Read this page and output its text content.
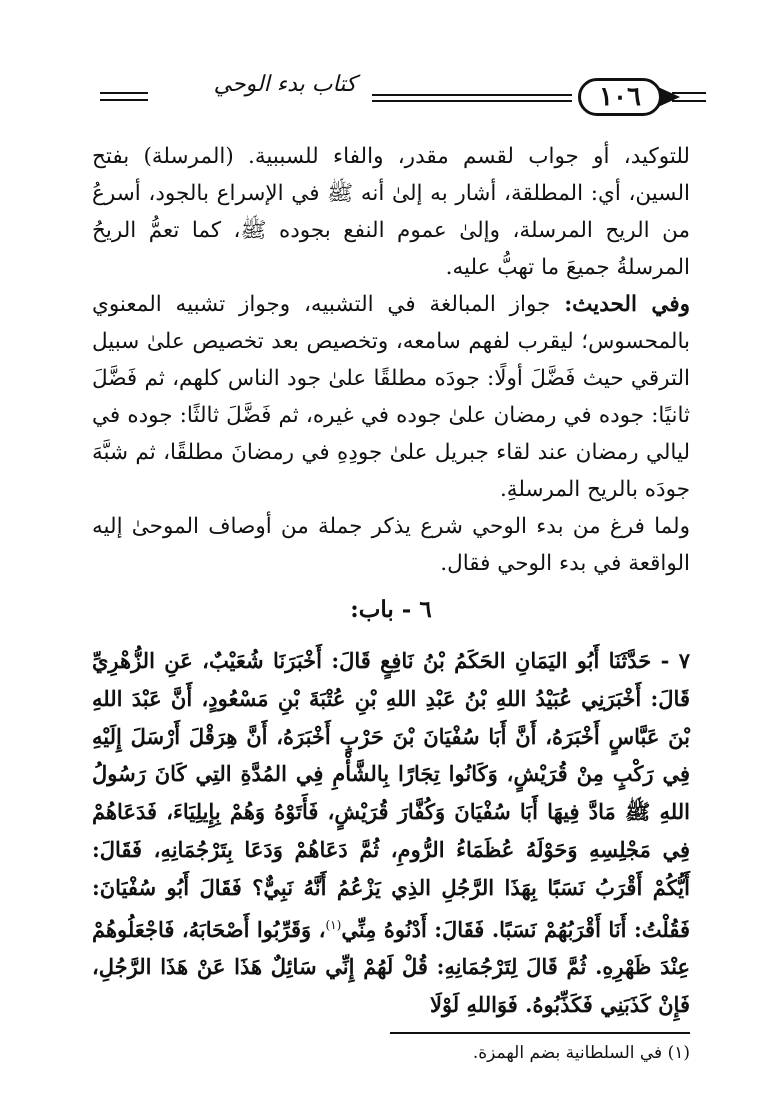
١٠٦
كتاب بدء الوحي

للتوكيد، أو جواب لقسم مقدر، والفاء للسببية. (المرسلة) بفتح السين، أي: المطلقة، أشار به إلىٰ أنه ﷺ في الإسراع بالجود، أسرعُ من الريح المرسلة، وإلىٰ عموم النفع بجوده ﷺ، كما تعمُّ الريحُ المرسلةُ جميعَ ما تهبُّ عليه.

وفي الحديث: جواز المبالغة في التشبيه، وجواز تشبيه المعنوي بالمحسوس؛ ليقرب لفهم سامعه، وتخصيص بعد تخصيص علىٰ سبيل الترقي حيث فَضَّلَ أولًا: جودَه مطلقًا علىٰ جود الناس كلهم، ثم فَضَّلَ ثانيًا: جوده في رمضان علىٰ جوده في غيره، ثم فَضَّلَ ثالثًا: جوده في ليالي رمضان عند لقاء جبريل علىٰ جودِهِ في رمضانَ مطلقًا، ثم شبَّهَ جودَه بالريح المرسلةِ.

ولما فرغ من بدء الوحي شرع يذكر جملة من أوصاف الموحىٰ إليه الواقعة في بدء الوحي فقال.

٦ - باب:
٧ - حَدَّثَنَا أَبُو اليَمَانِ الحَكَمُ بْنُ نَافِعٍ قَالَ: أَخْبَرَنَا شُعَيْبٌ، عَنِ الزُّهْرِيِّ قَالَ: أَخْبَرَنِي عُبَيْدُ اللهِ بْنُ عَبْدِ اللهِ بْنِ عُتْبَةَ بْنِ مَسْعُودٍ، أَنَّ عَبْدَ اللهِ بْنَ عَبَّاسٍ أَخْبَرَهُ، أَنَّ أَبَا سُفْيَانَ بْنَ حَرْبٍ أَخْبَرَهُ، أَنَّ هِرَقْلَ أَرْسَلَ إِلَيْهِ فِي رَكْبٍ مِنْ قُرَيْشٍ، وَكَانُوا تِجَارًا بِالشَّأْمِ فِي المُدَّةِ التِي كَانَ رَسُولُ اللهِ ﷺ مَادَّ فِيهَا أَبَا سُفْيَانَ وَكُفَّارَ قُرَيْشٍ، فَأَتَوْهُ وَهُمْ بِإِيلِيَاءَ، فَدَعَاهُمْ فِي مَجْلِسِهِ وَحَوْلَهُ عُظَمَاءُ الرُّومِ، ثُمَّ دَعَاهُمْ وَدَعَا بِتَرْجُمَانِهِ، فَقَالَ: أَيُّكُمْ أَقْرَبُ نَسَبًا بِهَذَا الرَّجُلِ الذِي يَزْعُمُ أَنَّهُ نَبِيٌّ؟ فَقَالَ أَبُو سُفْيَانَ: فَقُلْتُ: أَنَا أَقْرَبُهُمْ نَسَبًا. فَقَالَ: أَدْنُوهُ مِنِّي$^{(١)}$، وَقَرِّبُوا أَصْحَابَهُ، فَاجْعَلُوهُمْ عِنْدَ ظَهْرِهِ. ثُمَّ قَالَ لِتَرْجُمَانِهِ: قُلْ لَهُمْ إِنِّي سَائِلٌ هَذَا عَنْ هَذَا الرَّجُلِ، فَإِنْ كَذَبَنِي فَكَذِّبُوهُ. فَوَاللهِ لَوْلَا
(١) في السلطانية بضم الهمزة.
